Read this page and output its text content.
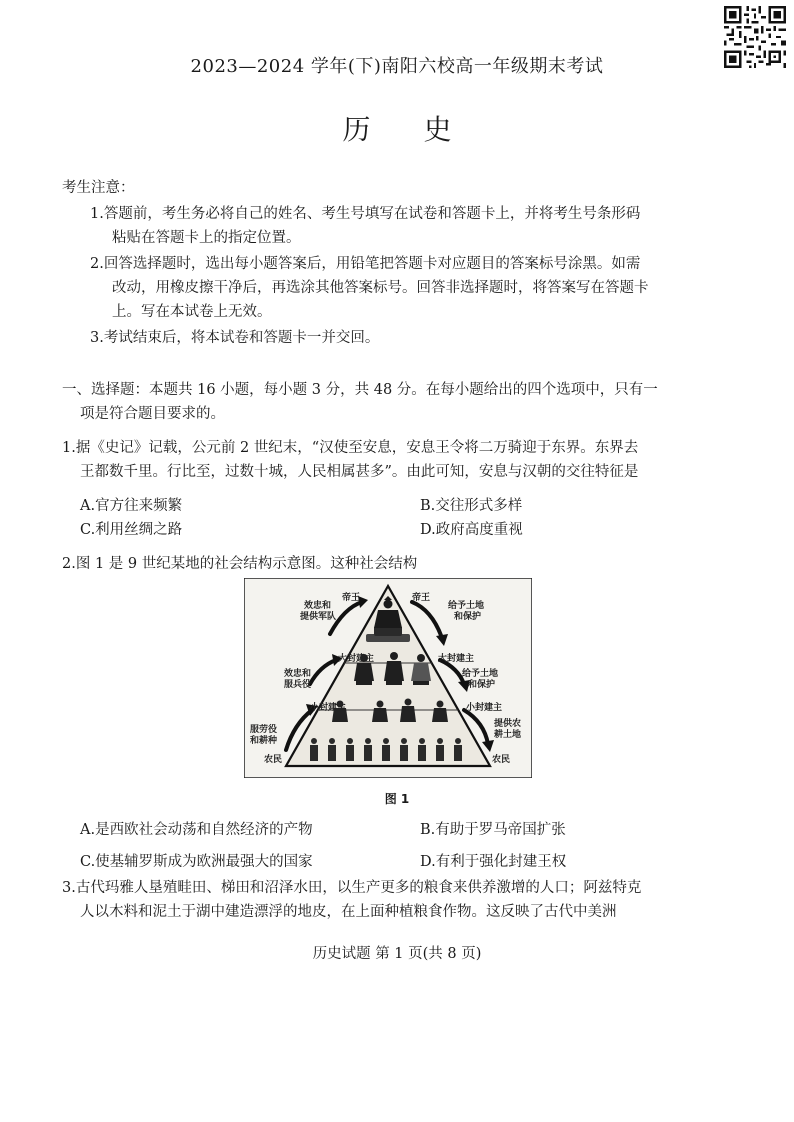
2023—2024 学年(下)南阳六校高一年级期末考试
历 史
考生注意：
1.答题前，考生务必将自己的姓名、考生号填写在试卷和答题卡上，并将考生号条形码
粘贴在答题卡上的指定位置。
2.回答选择题时，选出每小题答案后，用铅笔把答题卡对应题目的答案标号涂黑。如需
改动，用橡皮擦干净后，再选涂其他答案标号。回答非选择题时，将答案写在答题卡
上。写在本试卷上无效。
3.考试结束后，将本试卷和答题卡一并交回。
一、选择题：本题共 16 小题，每小题 3 分，共 48 分。在每小题给出的四个选项中，只有一
项是符合题目要求的。
1.据《史记》记载，公元前 2 世纪末，“汉使至安息，安息王令将二万骑迎于东界。东界去
王都数千里。行比至，过数十城，人民相属甚多”。由此可知，安息与汉朝的交往特征是
A.官方往来频繁	B.交往形式多样
C.利用丝绸之路	D.政府高度重视
2.图 1 是 9 世纪某地的社会结构示意图。这种社会结构
效忠和
提供军队
帝王	帝王
给予土地
和保护
大封建主	大封建主
效忠和
服兵役
给予土地
和保护
小封建主	小封建主
服劳役
和耕种
提供农
耕土地
农民	农民
图 1
A.是西欧社会动荡和自然经济的产物	B.有助于罗马帝国扩张
C.使基辅罗斯成为欧洲最强大的国家	D.有利于强化封建王权
3.古代玛雅人垦殖畦田、梯田和沼泽水田，以生产更多的粮食来供养激增的人口；阿兹特克
人以木料和泥土于湖中建造漂浮的地皮，在上面种植粮食作物。这反映了古代中美洲
历史试题 第 1 页(共 8 页)
